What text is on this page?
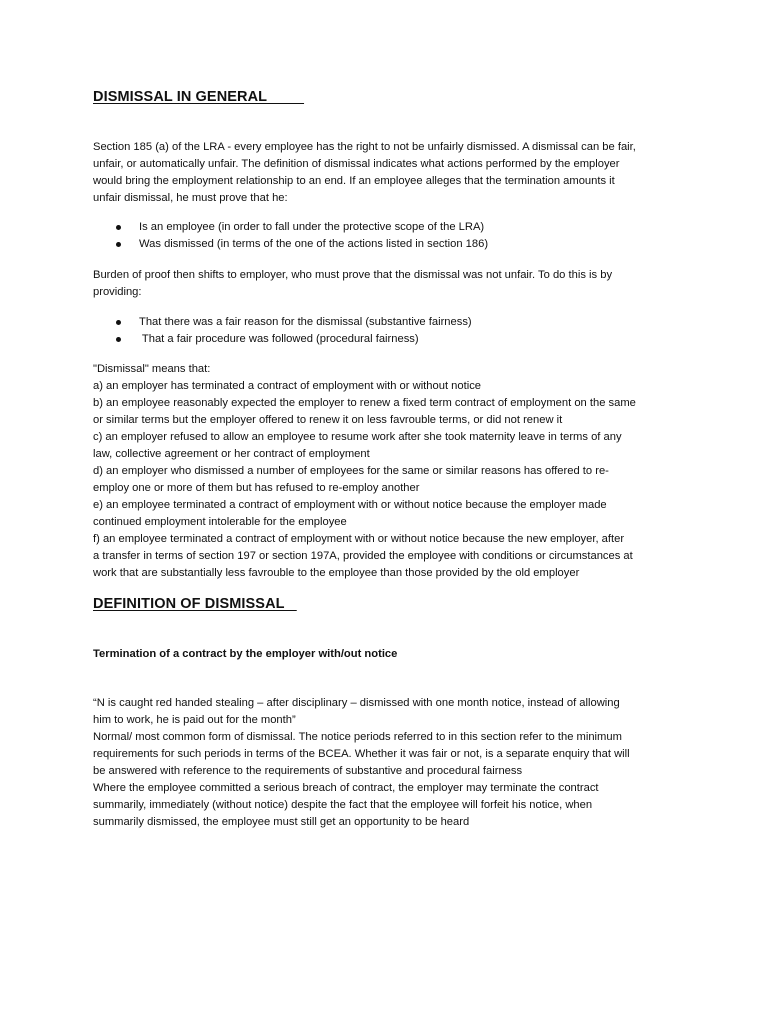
DISMISSAL IN GENERAL
Section 185 (a) of the LRA - every employee has the right to not be unfairly dismissed. A dismissal can be fair,
unfair, or automatically unfair. The definition of dismissal indicates what actions performed by the employer
would bring the employment relationship to an end. If an employee alleges that the termination amounts it
unfair dismissal, he must prove that he:
Is an employee (in order to fall under the protective scope of the LRA)
Was dismissed (in terms of the one of the actions listed in section 186)
Burden of proof then shifts to employer, who must prove that the dismissal was not unfair. To do this is by
providing:
That there was a fair reason for the dismissal (substantive fairness)
That a fair procedure was followed (procedural fairness)
"Dismissal" means that:
a) an employer has terminated a contract of employment with or without notice
b) an employee reasonably expected the employer to renew a fixed term contract of employment on the same
or similar terms but the employer offered to renew it on less favrouble terms, or did not renew it
c) an employer refused to allow an employee to resume work after she took maternity leave in terms of any
law, collective agreement or her contract of employment
d) an employer who dismissed a number of employees for the same or similar reasons has offered to re-
employ one or more of them but has refused to re-employ another
e) an employee terminated a contract of employment with or without notice because the employer made
continued employment intolerable for the employee
f) an employee terminated a contract of employment with or without notice because the new employer, after
a transfer in terms of section 197 or section 197A, provided the employee with conditions or circumstances at
work that are substantially less favrouble to the employee than those provided by the old employer
DEFINITION OF DISMISSAL
Termination of a contract by the employer with/out notice
“N is caught red handed stealing – after disciplinary – dismissed with one month notice, instead of allowing
him to work, he is paid out for the month”
Normal/ most common form of dismissal. The notice periods referred to in this section refer to the minimum
requirements for such periods in terms of the BCEA. Whether it was fair or not, is a separate enquiry that will
be answered with reference to the requirements of substantive and procedural fairness
Where the employee committed a serious breach of contract, the employer may terminate the contract
summarily, immediately (without notice) despite the fact that the employee will forfeit his notice, when
summarily dismissed, the employee must still get an opportunity to be heard
